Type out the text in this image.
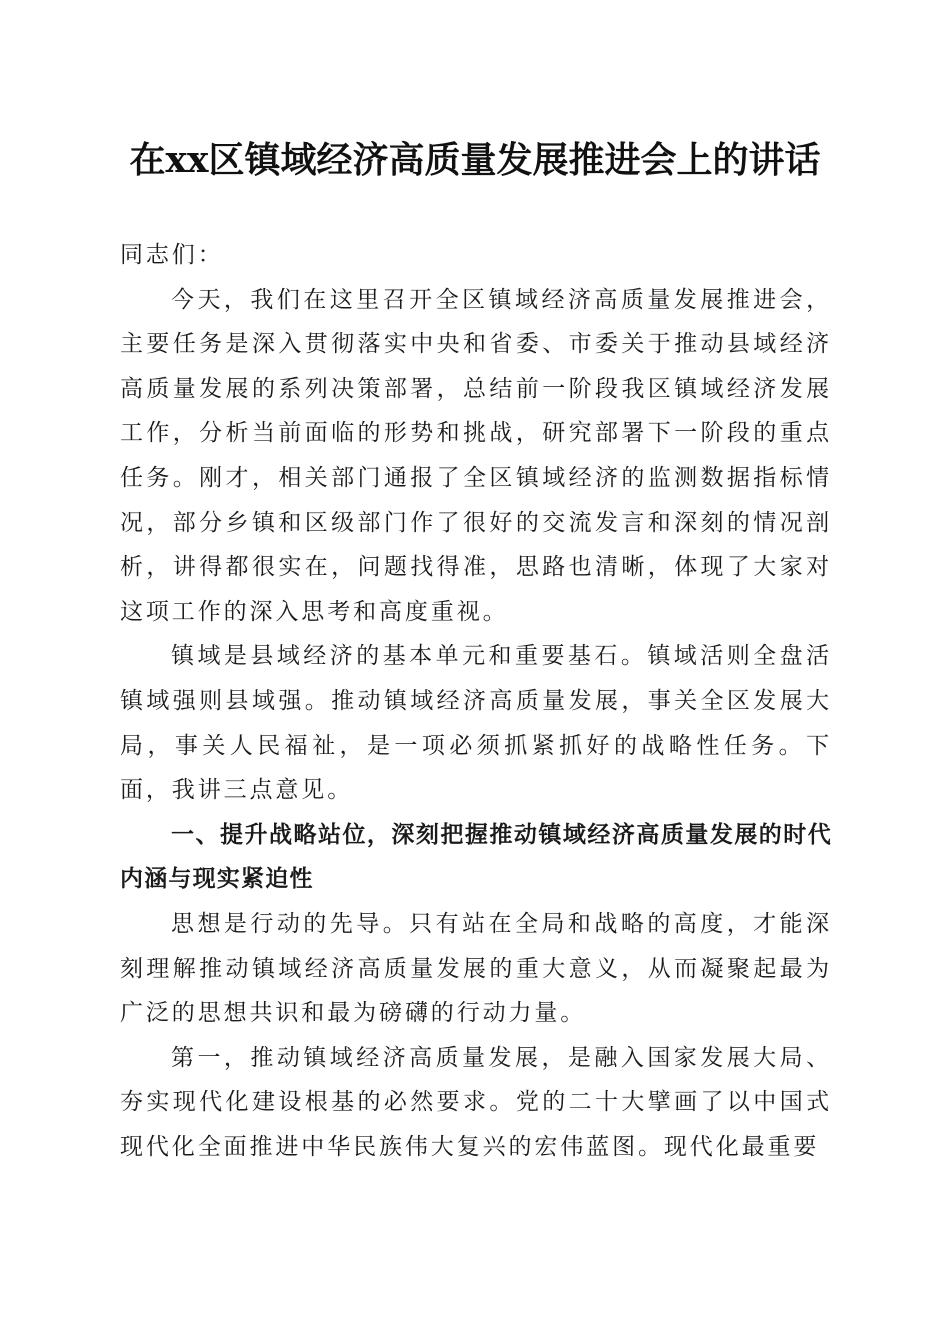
在xx区镇域经济高质量发展推进会上的讲话

同志们：

今天，我们在这里召开全区镇域经济高质量发展推进会，主要任务是深入贯彻落实中央和省委、市委关于推动县域经济高质量发展的系列决策部署，总结前一阶段我区镇域经济发展工作，分析当前面临的形势和挑战，研究部署下一阶段的重点任务。刚才，相关部门通报了全区镇域经济的监测数据指标情况，部分乡镇和区级部门作了很好的交流发言和深刻的情况剖析，讲得都很实在，问题找得准，思路也清晰，体现了大家对这项工作的深入思考和高度重视。

镇域是县域经济的基本单元和重要基石。镇域活则全盘活镇域强则县域强。推动镇域经济高质量发展，事关全区发展大局，事关人民福祉，是一项必须抓紧抓好的战略性任务。下面，我讲三点意见。

一、提升战略站位，深刻把握推动镇域经济高质量发展的时代内涵与现实紧迫性

思想是行动的先导。只有站在全局和战略的高度，才能深刻理解推动镇域经济高质量发展的重大意义，从而凝聚起最为广泛的思想共识和最为磅礴的行动力量。

第一，推动镇域经济高质量发展，是融入国家发展大局、夯实现代化建设根基的必然要求。党的二十大擘画了以中国式现代化全面推进中华民族伟大复兴的宏伟蓝图。现代化最重要
